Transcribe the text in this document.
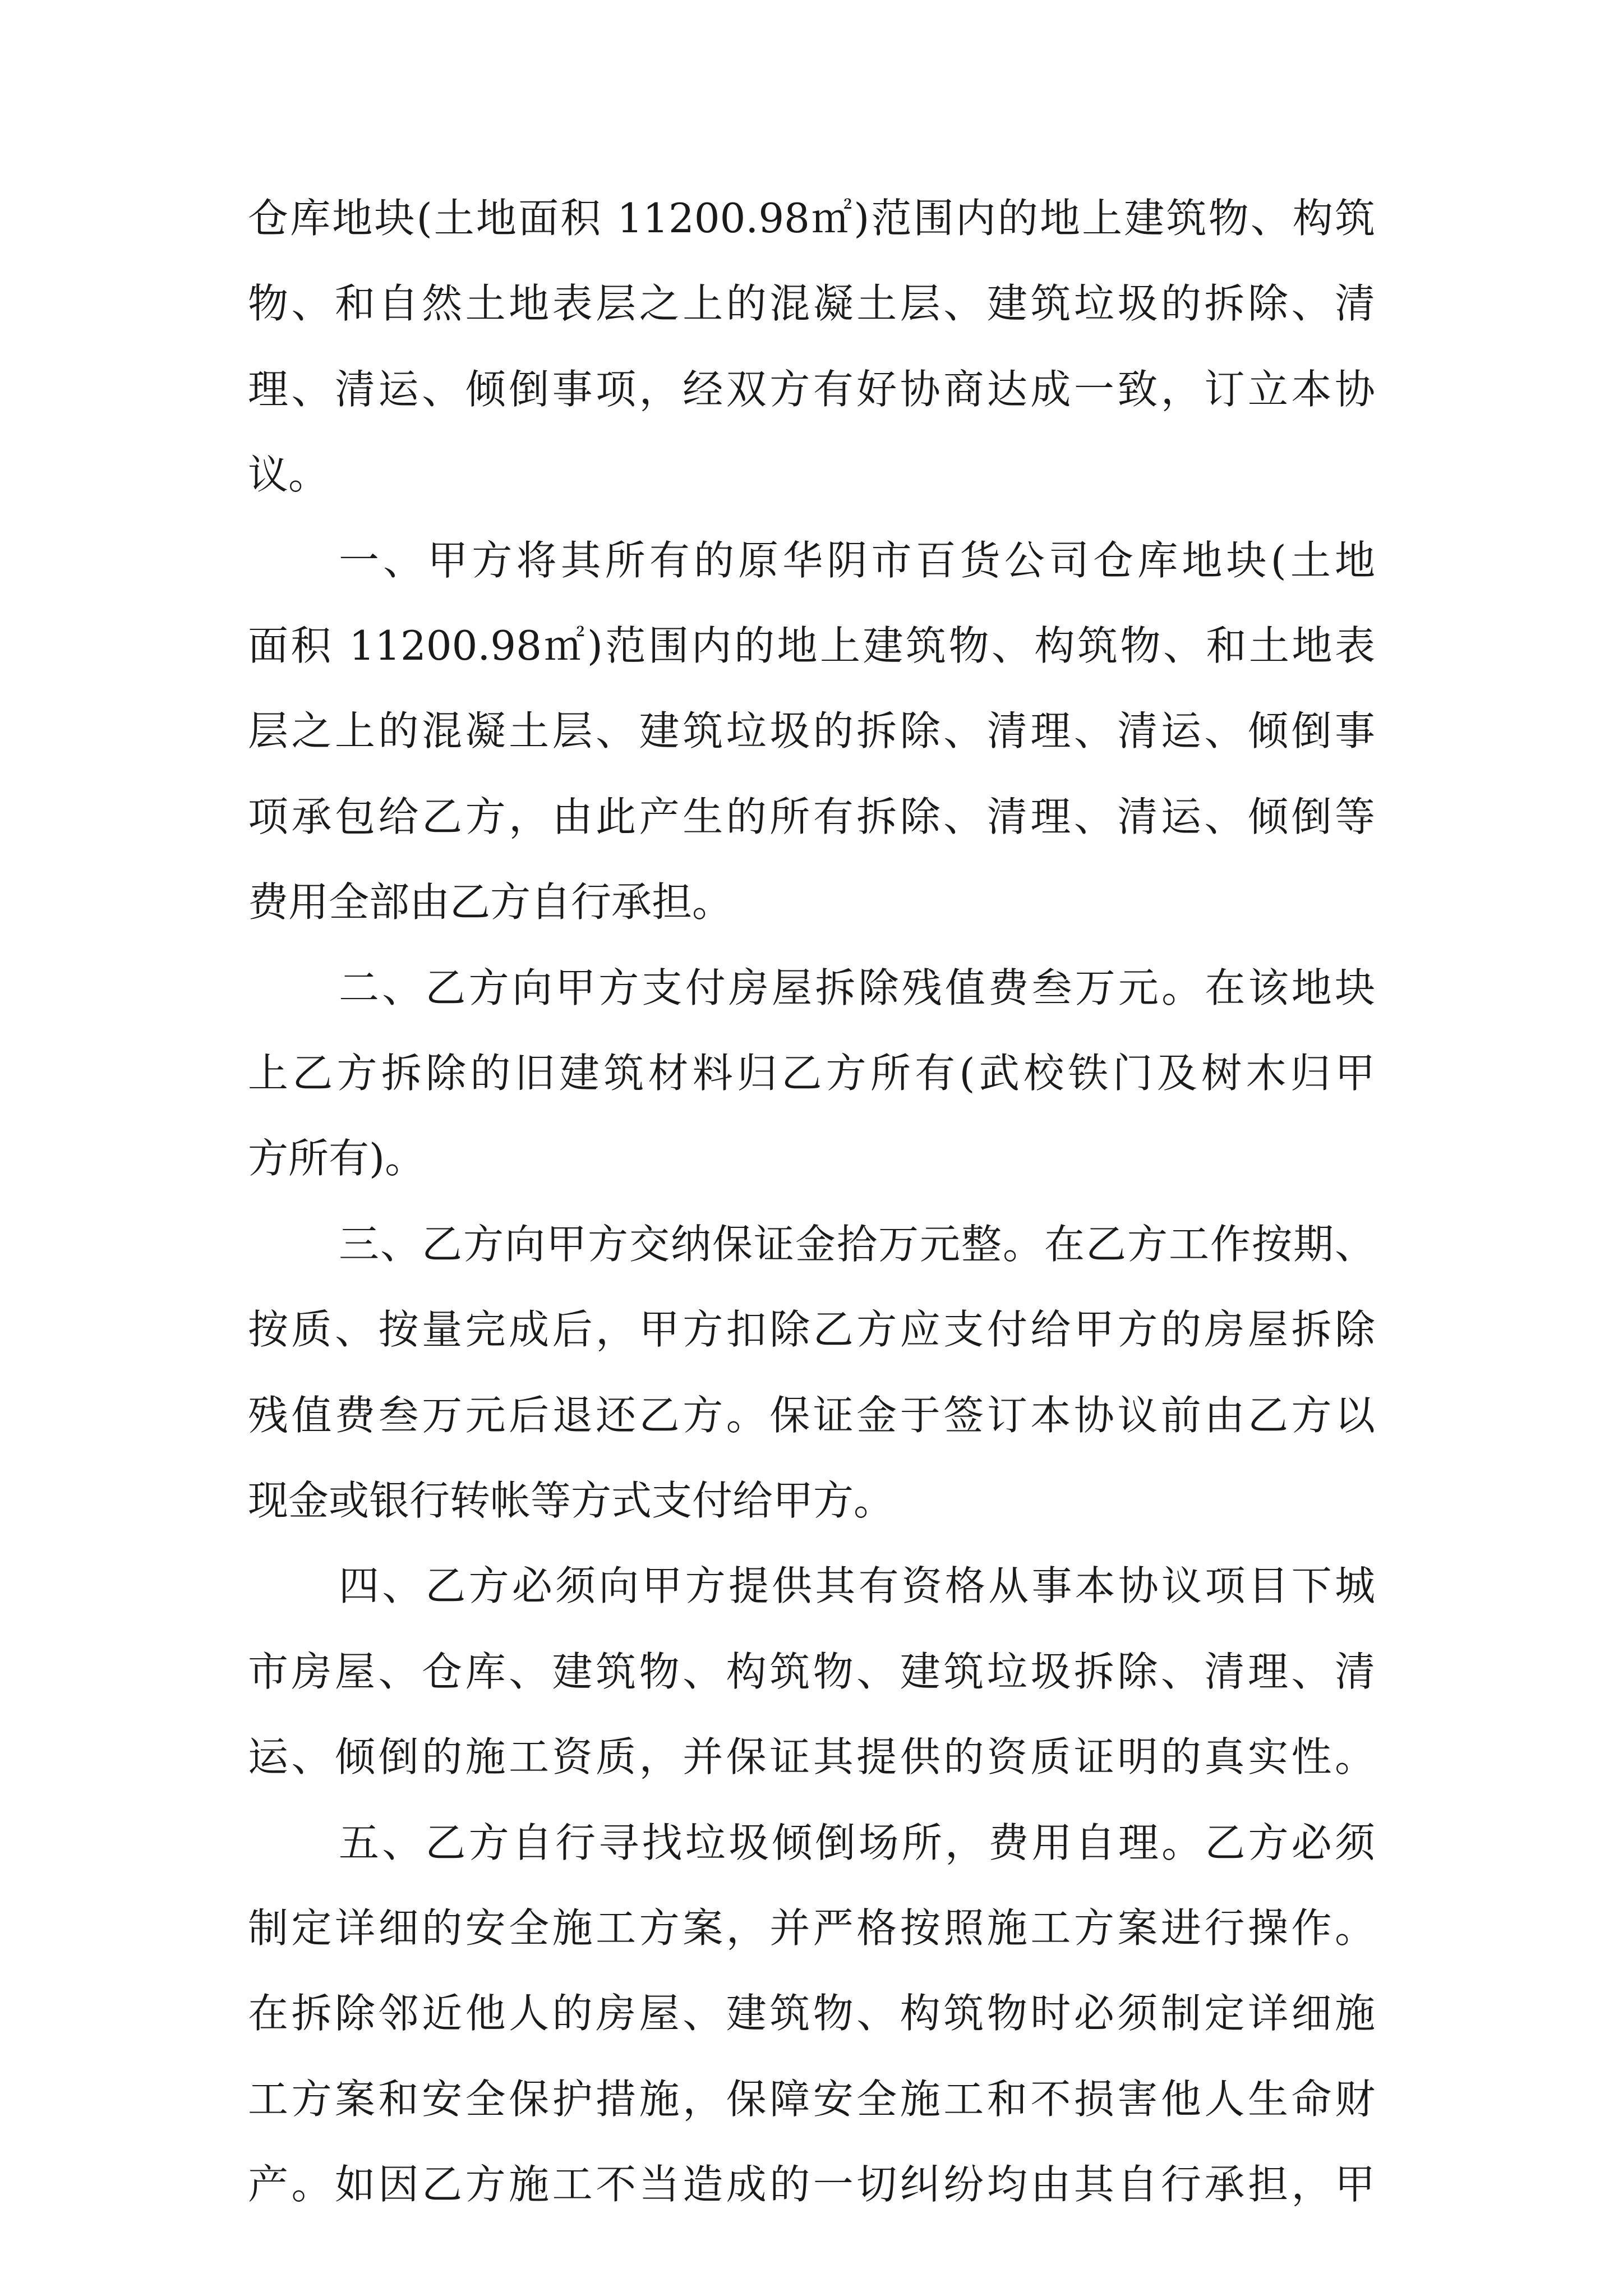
仓库地块(土地面积 11200.98㎡)范围内的地上建筑物、构筑
物、和自然土地表层之上的混凝土层、建筑垃圾的拆除、清
理、清运、倾倒事项，经双方有好协商达成一致，订立本协
议。
一、甲方将其所有的原华阴市百货公司仓库地块(土地
面积 11200.98㎡)范围内的地上建筑物、构筑物、和土地表
层之上的混凝土层、建筑垃圾的拆除、清理、清运、倾倒事
项承包给乙方，由此产生的所有拆除、清理、清运、倾倒等
费用全部由乙方自行承担。
二、乙方向甲方支付房屋拆除残值费叁万元。在该地块
上乙方拆除的旧建筑材料归乙方所有(武校铁门及树木归甲
方所有)。
三、乙方向甲方交纳保证金拾万元整。在乙方工作按期、
按质、按量完成后，甲方扣除乙方应支付给甲方的房屋拆除
残值费叁万元后退还乙方。保证金于签订本协议前由乙方以
现金或银行转帐等方式支付给甲方。
四、乙方必须向甲方提供其有资格从事本协议项目下城
市房屋、仓库、建筑物、构筑物、建筑垃圾拆除、清理、清
运、倾倒的施工资质，并保证其提供的资质证明的真实性。
五、乙方自行寻找垃圾倾倒场所，费用自理。乙方必须
制定详细的安全施工方案，并严格按照施工方案进行操作。
在拆除邻近他人的房屋、建筑物、构筑物时必须制定详细施
工方案和安全保护措施，保障安全施工和不损害他人生命财
产。如因乙方施工不当造成的一切纠纷均由其自行承担，甲
